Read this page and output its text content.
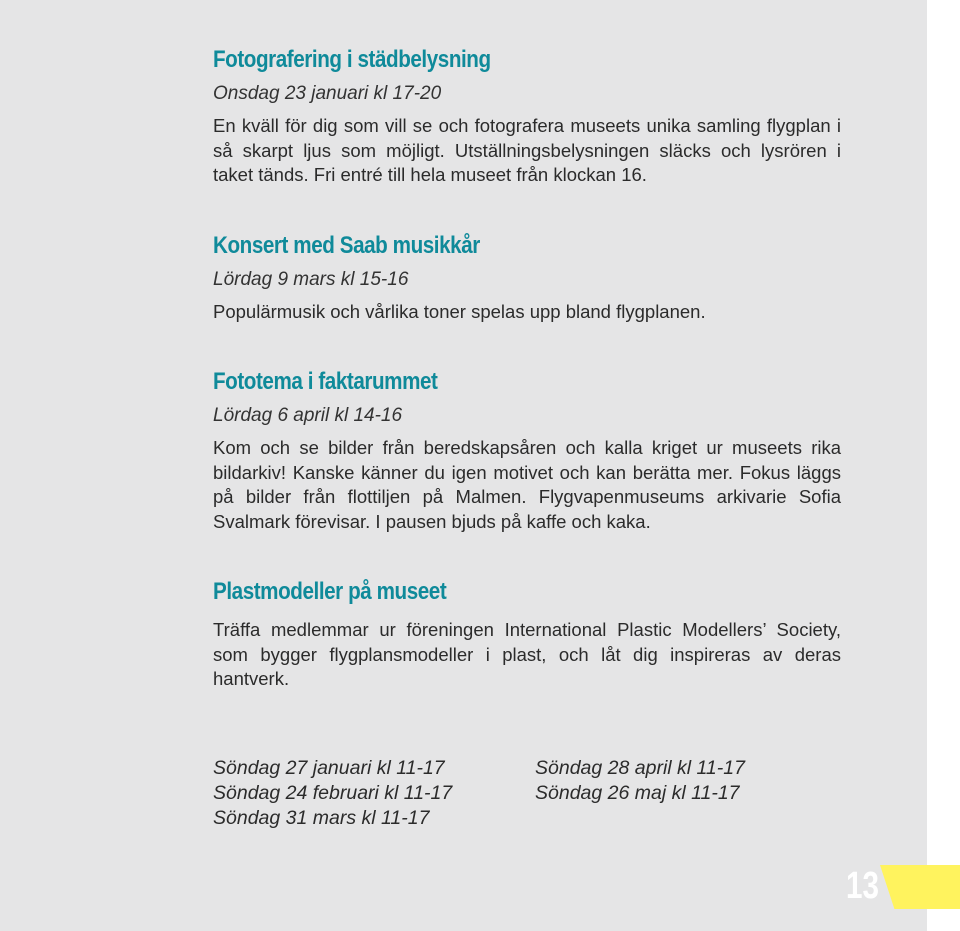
Fotografering i städbelysning

Onsdag 23 januari kl 17-20

En kväll för dig som vill se och fotografera museets unika samling flygplan i så skarpt ljus som möjligt. Utställningsbelysningen släcks och lysrören i taket tänds. Fri entré till hela museet från klockan 16.

Konsert med Saab musikkår

Lördag 9 mars kl 15-16

Populärmusik och vårlika toner spelas upp bland flygplanen.

Fototema i faktarummet

Lördag 6 april kl 14-16

Kom och se bilder från beredskapsåren och kalla kriget ur museets rika bildarkiv! Kanske känner du igen motivet och kan berätta mer. Fokus läggs på bilder från flottiljen på Malmen. Flygvapenmuseums arkivarie Sofia Svalmark förevisar. I pausen bjuds på kaffe och kaka.

Plastmodeller på museet

Träffa medlemmar ur föreningen International Plastic Modellers’ Society, som bygger flygplansmodeller i plast, och låt dig inspireras av deras hantverk.

Söndag 27 januari kl 11-17	Söndag 28 april kl 11-17
Söndag 24 februari kl 11-17	Söndag 26 maj kl 11-17
Söndag 31 mars kl 11-17
13
